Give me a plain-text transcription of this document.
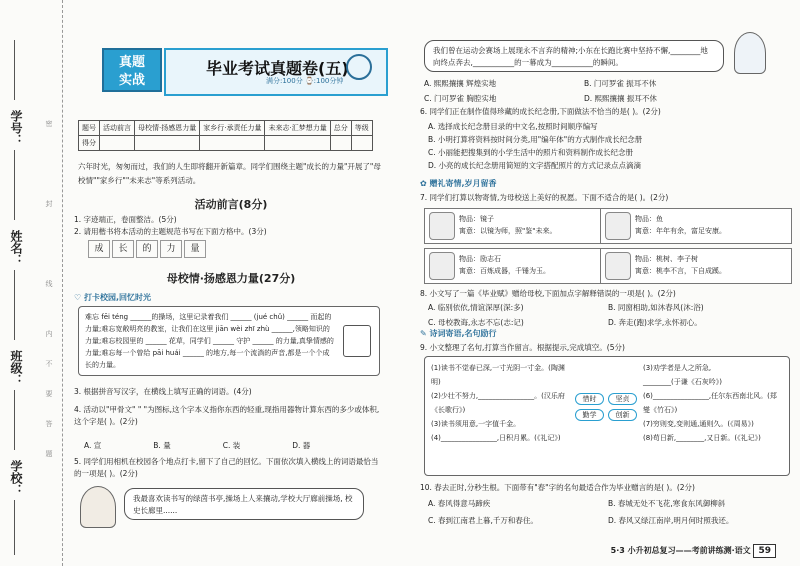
学号：
姓名：
班级：
学校：
密
封
线
内
不
要
答
题
真题
实战
毕业考试真题卷(五)
满分:100分 ⌚:100分钟
题号	活动前言	母校情·扬感恩力量	家乡行·承责任力量	未来志·汇梦想力量	总分	等级
得分						
六年时光，匆匆而过，我们的人生即将翻开新篇章。同学们围绕主题"成长的力量"开展了"母校情""家乡行""未来志"等系列活动。
活动前言(8分)
1. 字迹端正，卷面整洁。(5分)
2. 请用楷书将本活动的主题规范书写在下面方格中。(3分)
成	长	的	力	量
母校情·扬感恩力量(27分)
♡ 打卡校园,回忆时光
难忘 fēi téng ______的操场，这里记录着我们 ______ (jué chǔ) ______ 而起的力量;难忘宽敞明亮的教室，让我们在这里 jiān wèi zhī zhù ______,领略知识的力量;难忘校园里的 ______ 花草，同学们 ______ 守护 ______ 的力量,真挚情感的力量;难忘每一个曾给 pāi huái ______ 的地方,每一个流淌的声音,都是一个个成长的力量。
3. 根据拼音写汉字，在横线上填写正确的词语。(4分)
4. 活动以"甲骨文" " "为图标,这个字本义指你东西的轻重,现指用器物计算东西的多少或体积,这个字是( )。(2分)
A. 宣	B. 量	C. 装	D. 器
5. 同学们用相机在校园各个地点打卡,留下了自己的回忆。下面依次填入横线上的词语最恰当的一项是( )。(2分)
我最喜欢读书写的绿茵书亭,操场上人来攘动,学校大厅廊前操场, 校史长廊里......
我们曾在运动会赛场上展现永不言弃的精神;小东在长跑比赛中坚持不懈,________地向终点奔去,___________的一幕成为___________的瞬间。
A. 熙熙攘攘 辉煌实地	B. 门可罗雀 振耳不休
C. 门可罗雀 胸腔实地	D. 熙熙攘攘 振耳不休
6. 同学们正在制作值得珍藏的成长纪念册,下面做法不恰当的是( )。(2分)
A. 选择成长纪念册目录的中文名,按照时间顺序编写
B. 小明打算将资料按时间分类,用"编年体"的方式制作成长纪念册
C. 小丽能把搜集到的小学生活中的照片和资料制作成长纪念册
D. 小亮的成长纪念册用简短的文字搭配照片的方式记录点点滴滴
✿ 赠礼寄情,岁月留香
7. 同学们打算以物寄情,为母校送上美好的祝愿。下面不适合的是( )。(2分)
物品：镜子
寓意：以镜为师，照"鉴"未来。
物品：鱼
寓意：年年有余，富足安康。
物品：励志石
寓意：百炼成器，千锤为玉。
物品：桃树、李子树
寓意：桃李不言，下自成蹊。
8. 小文写了一篇《毕业赋》赠给母校,下面加点字解释错误的一项是( )。(2分)
A. 临别依依,情谊深厚(深:多)	B. 同窗相助,如沐春风(沐:浴)
C. 母校教诲,永志不忘(志:记)	D. 奔走(跑)求学,永怀初心。
✎ 诗词寄语,名句励行
9. 小文整理了名句,打算当作留言。根据提示,完成填空。(5分)
(1)读书不觉春已深,一寸光阴一寸金。(陶渊明)
(2)少壮不努力,________________。(汉乐府《长歌行》)
(3)读书须用意,一字值千金。
(4)________________,日积月累。(《礼记》)
惜时	坚贞
勤学	创新
(3)劝学者是人之所急,
________(于谦《石灰吟》)
(6)________________,任尔东西南北风。(郑燮《竹石》)
(7)穷则变,变则通,通则久。(《周易》)
(8)苟日新,________,又日新。(《礼记》)
10. 春去正时,分秒生根。下面带有"春"字的名句最适合作为毕业赠言的是( )。(2分)
A. 春风得意马蹄疾	B. 春城无处不飞花,寒食东风御柳斜
C. 春到江南君上暮,千万和春住。	D. 春风又绿江南岸,明月何时照我还。
5·3 小升初总复习——考前讲练测·语文 59
